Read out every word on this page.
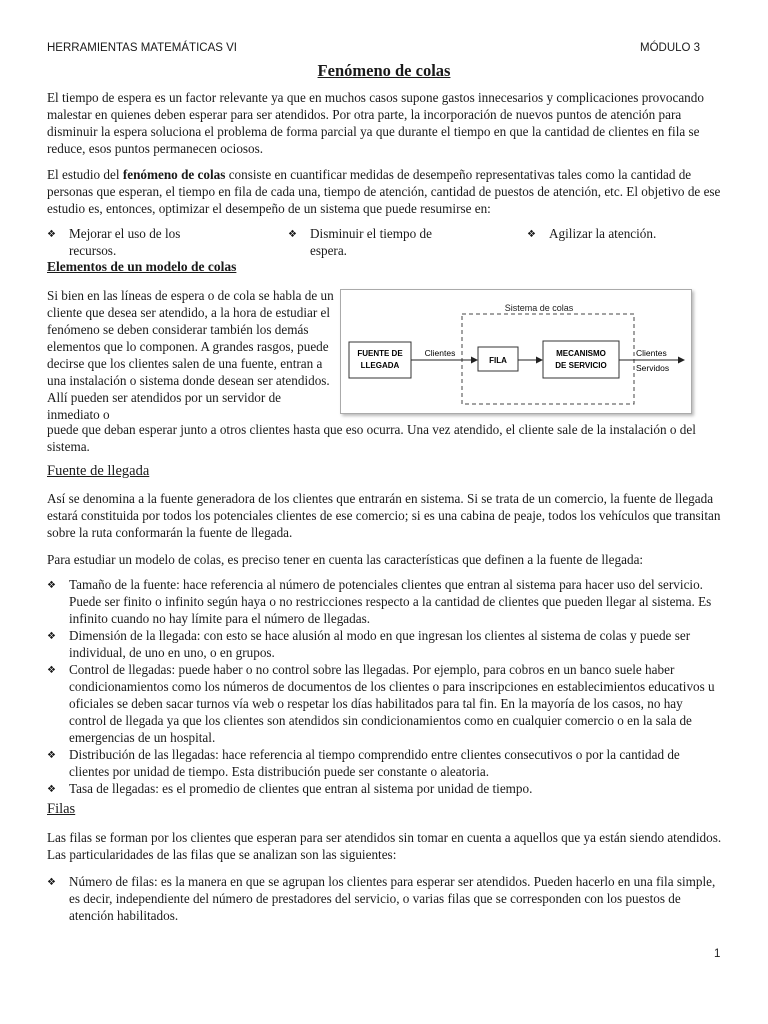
HERRAMIENTAS MATEMÁTICAS VI	MÓDULO 3
Fenómeno de colas

El tiempo de espera es un factor relevante ya que en muchos casos supone gastos innecesarios y complicaciones provocando malestar en quienes deben esperar para ser atendidos. Por otra parte, la incorporación de nuevos puntos de atención para disminuir la espera soluciona el problema de forma parcial ya que durante el tiempo en que la cantidad de clientes en fila se reduce, esos puntos permanecen ociosos.

El estudio del fenómeno de colas consiste en cuantificar medidas de desempeño representativas tales como la cantidad de personas que esperan, el tiempo en fila de cada una, tiempo de atención, cantidad de puestos de atención, etc. El objetivo de ese estudio es, entonces, optimizar el desempeño de un sistema que puede resumirse en:

❖ Mejorar el uso de los recursos.
❖ Disminuir el tiempo de espera.
❖ Agilizar la atención.
Elementos de un modelo de colas

Si bien en las líneas de espera o de cola se habla de un cliente que desea ser atendido, a la hora de estudiar el fenómeno se deben considerar también los demás elementos que lo componen. A grandes rasgos, puede decirse que los clientes salen de una fuente, entran a una instalación o sistema donde desean ser atendidos. Allí pueden ser atendidos por un servidor de inmediato o

Sistema de colas
FUENTE DE
LLEGADA
Clientes
FILA
MECANISMO
DE SERVICIO
Clientes
Servidos

puede que deban esperar junto a otros clientes hasta que eso ocurra. Una vez atendido, el cliente sale de la instalación o del sistema.

Fuente de llegada

Así se denomina a la fuente generadora de los clientes que entrarán en sistema. Si se trata de un comercio, la fuente de llegada estará constituida por todos los potenciales clientes de ese comercio; si es una cabina de peaje, todos los vehículos que transitan sobre la ruta conformarán la fuente de llegada.

Para estudiar un modelo de colas, es preciso tener en cuenta las características que definen a la fuente de llegada:

❖ Tamaño de la fuente: hace referencia al número de potenciales clientes que entran al sistema para hacer uso del servicio. Puede ser finito o infinito según haya o no restricciones respecto a la cantidad de clientes que pueden llegar al sistema. Es infinito cuando no hay límite para el número de llegadas.
❖ Dimensión de la llegada: con esto se hace alusión al modo en que ingresan los clientes al sistema de colas y puede ser individual, de uno en uno, o en grupos.
❖ Control de llegadas: puede haber o no control sobre las llegadas. Por ejemplo, para cobros en un banco suele haber condicionamientos como los números de documentos de los clientes o para inscripciones en establecimientos educativos u oficiales se deben sacar turnos vía web o respetar los días habilitados para tal fin. En la mayoría de los casos, no hay control de llegada ya que los clientes son atendidos sin condicionamientos como en cualquier comercio o en la sala de emergencias de un hospital.
❖ Distribución de las llegadas: hace referencia al tiempo comprendido entre clientes consecutivos o por la cantidad de clientes por unidad de tiempo. Esta distribución puede ser constante o aleatoria.
❖ Tasa de llegadas: es el promedio de clientes que entran al sistema por unidad de tiempo.
Filas

Las filas se forman por los clientes que esperan para ser atendidos sin tomar en cuenta a aquellos que ya están siendo atendidos. Las particularidades de las filas que se analizan son las siguientes:

❖ Número de filas: es la manera en que se agrupan los clientes para esperar ser atendidos. Pueden hacerlo en una fila simple, es decir, independiente del número de prestadores del servicio, o varias filas que se corresponden con los puestos de atención habilitados.
1
